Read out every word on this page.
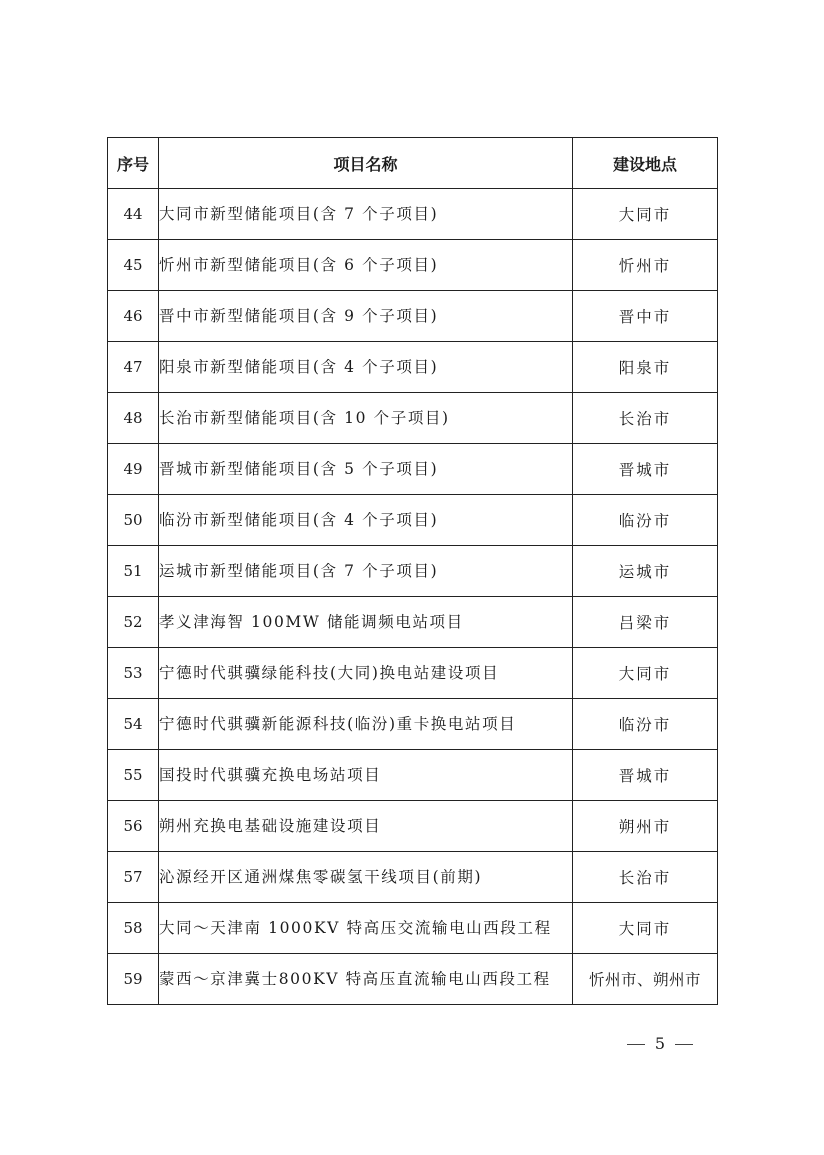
序号	项目名称	建设地点
44	大同市新型储能项目(含 7 个子项目)	大同市
45	忻州市新型储能项目(含 6 个子项目)	忻州市
46	晋中市新型储能项目(含 9 个子项目)	晋中市
47	阳泉市新型储能项目(含 4 个子项目)	阳泉市
48	长治市新型储能项目(含 10 个子项目)	长治市
49	晋城市新型储能项目(含 5 个子项目)	晋城市
50	临汾市新型储能项目(含 4 个子项目)	临汾市
51	运城市新型储能项目(含 7 个子项目)	运城市
52	孝义津海智 100MW 储能调频电站项目	吕梁市
53	宁德时代骐骥绿能科技(大同)换电站建设项目	大同市
54	宁德时代骐骥新能源科技(临汾)重卡换电站项目	临汾市
55	国投时代骐骥充换电场站项目	晋城市
56	朔州充换电基础设施建设项目	朔州市
57	沁源经开区通洲煤焦零碳氢干线项目(前期)	长治市
58	大同～天津南 1000KV 特高压交流输电山西段工程	大同市
59	蒙西～京津冀士800KV 特高压直流输电山西段工程	忻州市、朔州市
5
